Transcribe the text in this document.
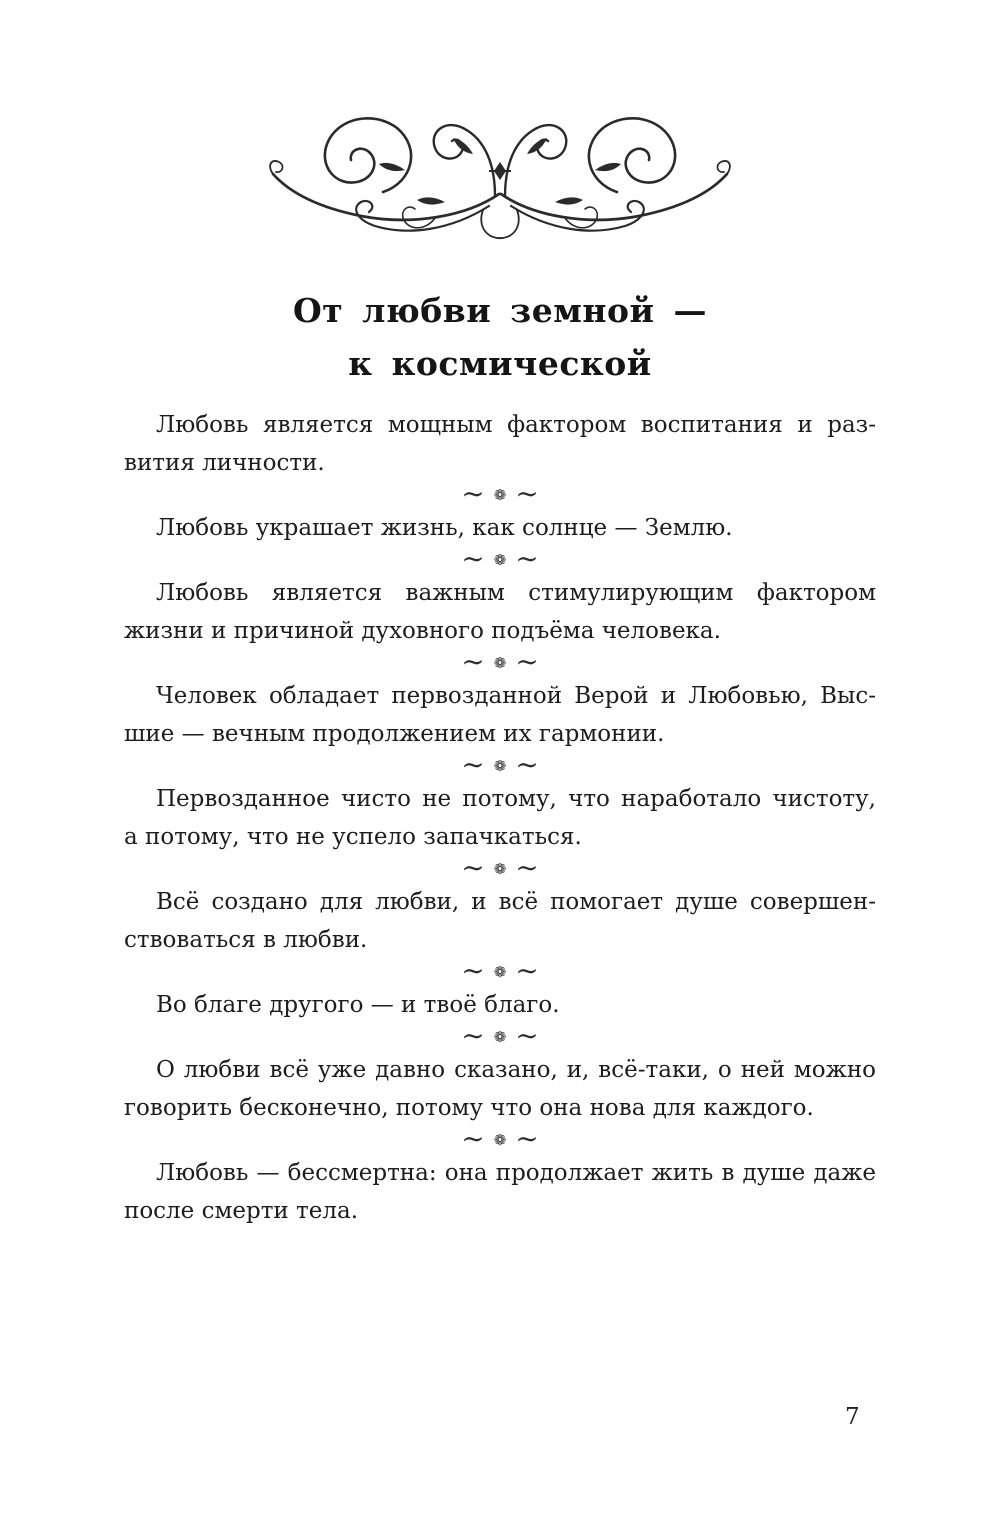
От любви земной —
к космической

Любовь является мощным фактором воспитания и раз-
вития личности.

∼ ❁ ∼

Любовь украшает жизнь, как солнце — Землю.

∼ ❁ ∼

Любовь является важным стимулирующим фактором
жизни и причиной духовного подъёма человека.

∼ ❁ ∼

Человек обладает первозданной Верой и Любовью, Выс-
шие — вечным продолжением их гармонии.

∼ ❁ ∼

Первозданное чисто не потому, что наработало чистоту,
а потому, что не успело запачкаться.

∼ ❁ ∼

Всё создано для любви, и всё помогает душе совершен-
ствоваться в любви.

∼ ❁ ∼

Во благе другого — и твоё благо.

∼ ❁ ∼

О любви всё уже давно сказано, и, всё-таки, о ней можно
говорить бесконечно, потому что она нова для каждого.

∼ ❁ ∼

Любовь — бессмертна: она продолжает жить в душе даже
после смерти тела.

7
